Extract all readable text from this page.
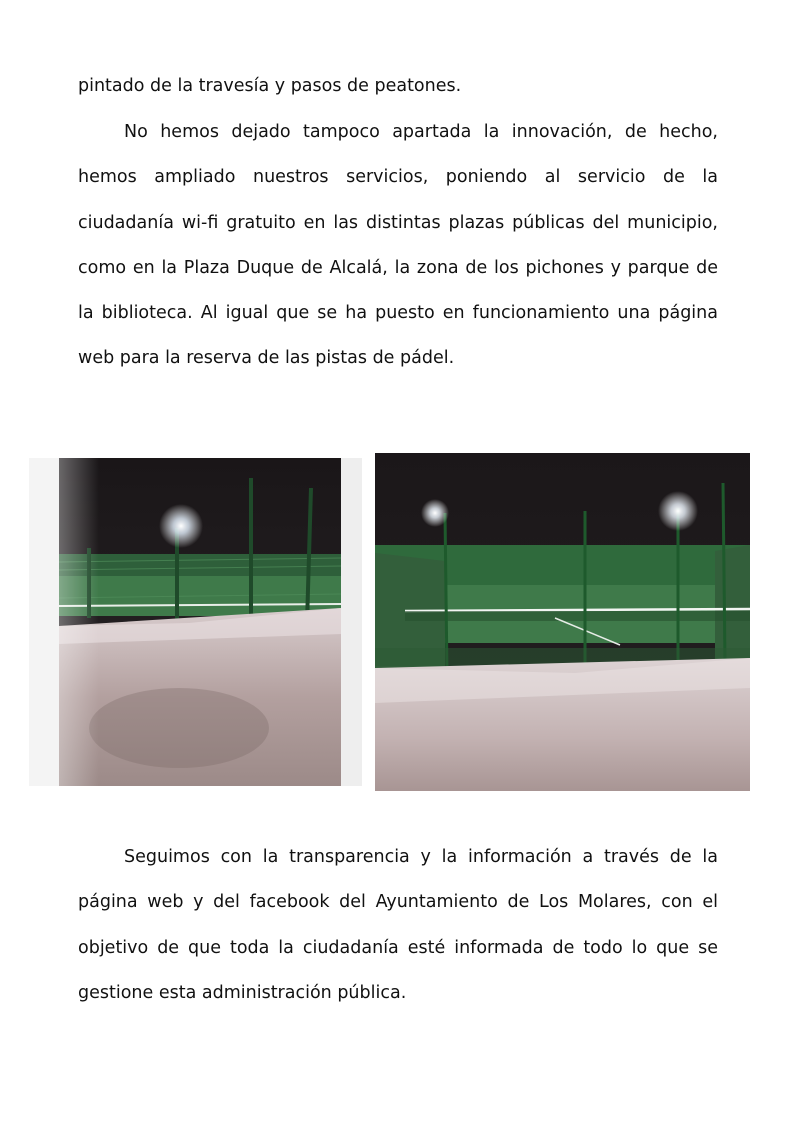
pintado de la travesía y pasos de peatones.

No hemos dejado tampoco apartada la innovación, de hecho, hemos ampliado nuestros servicios, poniendo al servicio de la ciudadanía wi-fi gratuito en las distintas plazas públicas del municipio, como en la Plaza Duque de Alcalá, la zona de los pichones y parque de la biblioteca. Al igual que se ha puesto en funcionamiento una página web para la reserva de las pistas de pádel.

Seguimos con la transparencia y la información a través de la página web y del facebook del Ayuntamiento de Los Molares, con el objetivo de que toda la ciudadanía esté informada de todo lo que se gestione esta administración pública.
